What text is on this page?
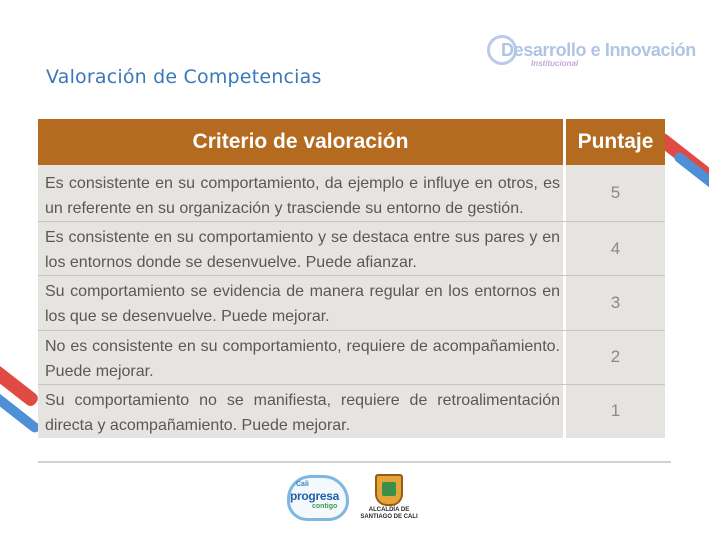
Valoración de Competencias
Desarrollo e Innovación
Institucional
Criterio de valoración	Puntaje
Es consistente en su comportamiento, da ejemplo e influye en otros, es un referente en su organización y trasciende su entorno de gestión.
5
Es consistente en su comportamiento y se destaca entre sus pares y en los entornos donde se desenvuelve. Puede afianzar.
4
Su comportamiento se evidencia de manera regular en los entornos en los que se desenvuelve. Puede mejorar.
3
No es consistente en su comportamiento, requiere de acompañamiento. Puede mejorar.
2
Su comportamiento no se manifiesta, requiere de retroalimentación directa y acompañamiento. Puede mejorar.
1
Cali
progresa
contigo	ALCALDÍA DE
SANTIAGO DE CALI
